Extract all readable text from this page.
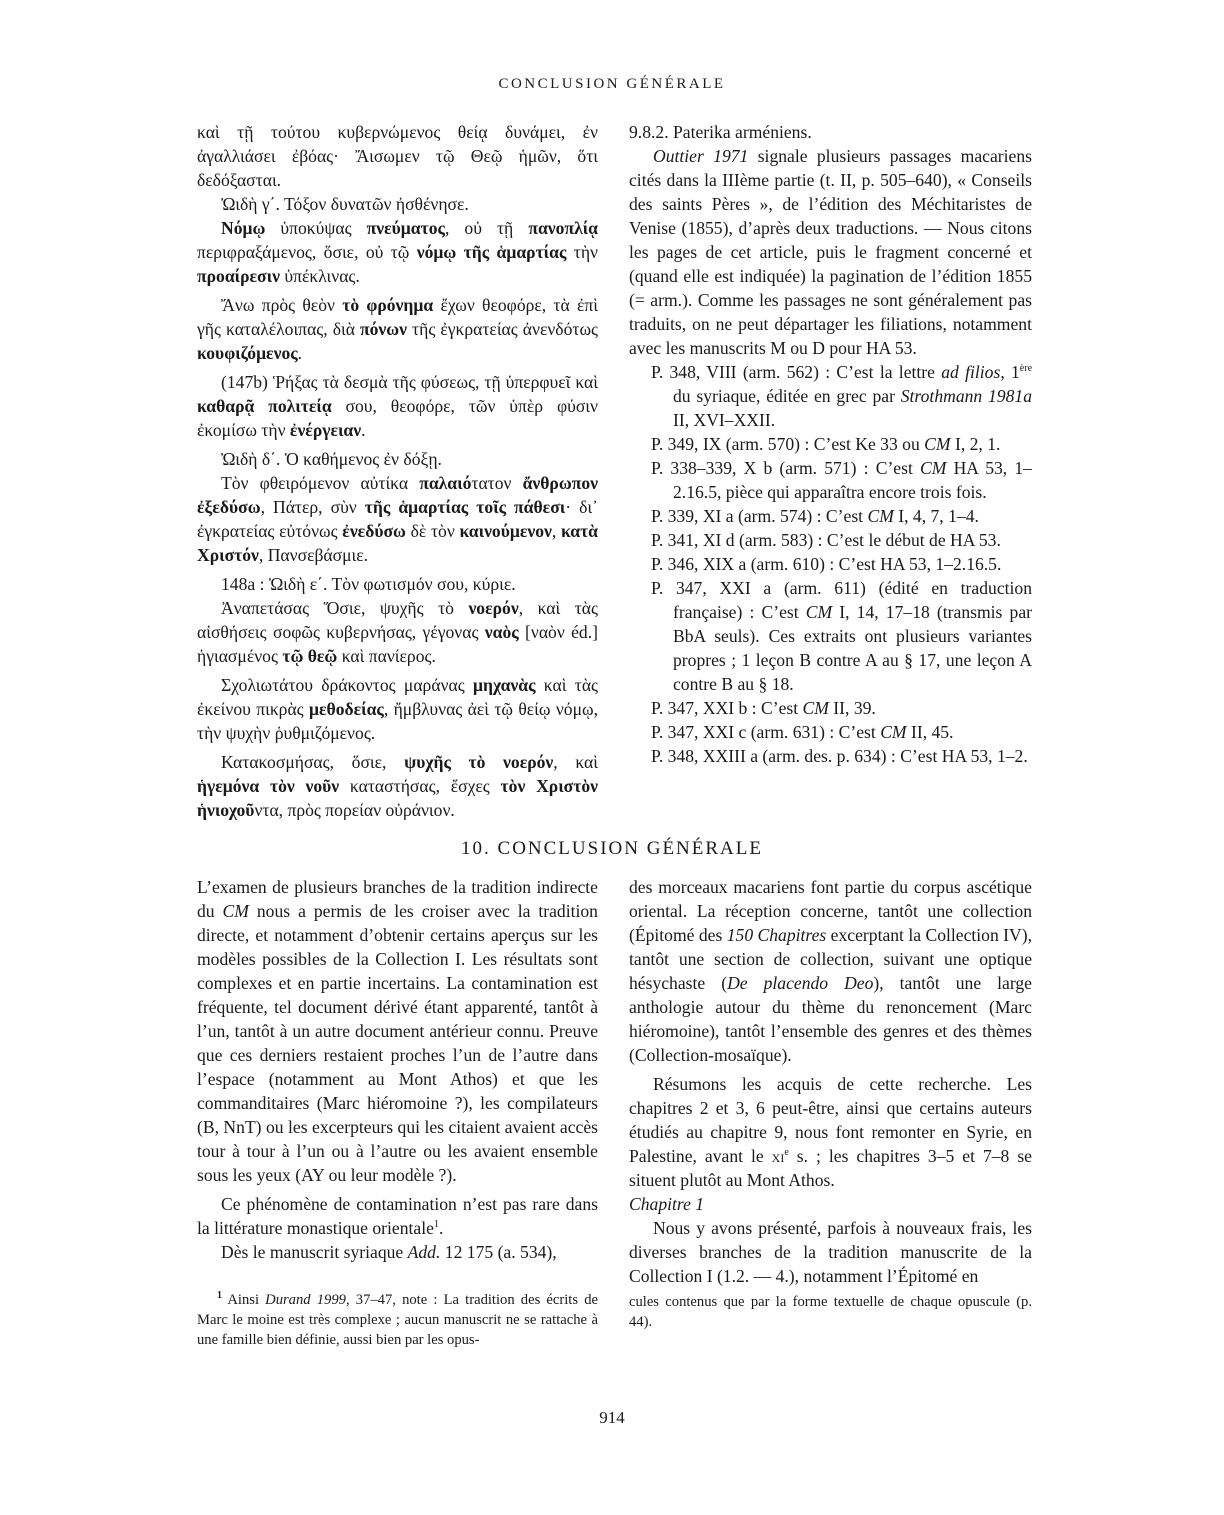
CONCLUSION GÉNÉRALE

καὶ τῇ τούτου κυβερνώμενος θείᾳ δυνάμει, ἐν ἀγαλλιάσει ἐβόας· Ἄισωμεν τῷ Θεῷ ἡμῶν, ὅτι δεδόξασται.

Ὠιδὴ γ΄. Τόξον δυνατῶν ἠσθένησε.

Νόμῳ ὑποκύψας πνεύματος, οὐ τῇ πανοπλίᾳ περιφραξάμενος, ὅσιε, οὐ τῷ νόμῳ τῆς ἁμαρτίας τὴν προαίρεσιν ὑπέκλινας.

Ἄνω πρὸς θεὸν τὸ φρόνημα ἔχων θεοφόρε, τὰ ἐπὶ γῆς καταλέλοιπας, διὰ πόνων τῆς ἐγκρατείας ἀνενδότως κουφιζόμενος.

(147b) Ῥήξας τὰ δεσμὰ τῆς φύσεως, τῇ ὑπερφυεῖ καὶ καθαρᾷ πολιτείᾳ σου, θεοφόρε, τῶν ὑπὲρ φύσιν ἐκομίσω τὴν ἐνέργειαν.

Ὠιδὴ δ΄. Ὁ καθήμενος ἐν δόξῃ.

Τὸν φθειρόμενον αὐτίκα παλαιότατον ἄνθρωπον ἐξεδύσω, Πάτερ, σὺν τῆς ἁμαρτίας τοῖς πάθεσι· δι᾽ ἐγκρατείας εὐτόνως ἐνεδύσω δὲ τὸν καινούμενον, κατὰ Χριστόν, Πανσεβάσμιε.

148a : Ὠιδὴ ε΄. Τὸν φωτισμόν σου, κύριε.

Ἀναπετάσας Ὅσιε, ψυχῆς τὸ νοερόν, καὶ τὰς αἰσθήσεις σοφῶς κυβερνήσας, γέγονας ναὸς [ναὸν éd.] ἡγιασμένος τῷ θεῷ καὶ πανίερος.

Σχολιωτάτου δράκοντος μαράνας μηχανὰς καὶ τὰς ἐκείνου πικρὰς μεθοδείας, ἤμβλυνας ἀεὶ τῷ θείῳ νόμῳ, τὴν ψυχὴν ῥυθμιζόμενος.

Κατακοσμήσας, ὅσιε, ψυχῆς τὸ νοερόν, καὶ ἡγεμόνα τὸν νοῦν καταστήσας, ἔσχες τὸν Χριστὸν ἡνιοχοῦντα, πρὸς πορείαν οὐράνιον.

9.8.2. Paterika arméniens.

Outtier 1971 signale plusieurs passages macariens cités dans la IIIème partie (t. II, p. 505–640), « Conseils des saints Pères », de l’édition des Méchitaristes de Venise (1855), d’après deux traductions. — Nous citons les pages de cet article, puis le fragment concerné et (quand elle est indiquée) la pagination de l’édition 1855 (= arm.). Comme les passages ne sont généralement pas traduits, on ne peut départager les filiations, notamment avec les manuscrits M ou D pour HA 53.

P. 348, VIII (arm. 562) : C’est la lettre ad filios, 1ère du syriaque, éditée en grec par Strothmann 1981a II, XVI–XXII.

P. 349, IX (arm. 570) : C’est Ke 33 ou CM I, 2, 1.

P. 338–339, X b (arm. 571) : C’est CM HA 53, 1–2.16.5, pièce qui apparaîtra encore trois fois.

P. 339, XI a (arm. 574) : C’est CM I, 4, 7, 1–4.

P. 341, XI d (arm. 583) : C’est le début de HA 53.

P. 346, XIX a (arm. 610) : C’est HA 53, 1–2.16.5.

P. 347, XXI a (arm. 611) (édité en traduction française) : C’est CM I, 14, 17–18 (transmis par BbA seuls). Ces extraits ont plusieurs variantes propres ; 1 leçon B contre A au § 17, une leçon A contre B au § 18.

P. 347, XXI b : C’est CM II, 39.

P. 347, XXI c (arm. 631) : C’est CM II, 45.

P. 348, XXIII a (arm. des. p. 634) : C’est HA 53, 1–2.

10. CONCLUSION GÉNÉRALE

L’examen de plusieurs branches de la tradition indirecte du CM nous a permis de les croiser avec la tradition directe, et notamment d’obtenir certains aperçus sur les modèles possibles de la Collection I. Les résultats sont complexes et en partie incertains. La contamination est fréquente, tel document dérivé étant apparenté, tantôt à l’un, tantôt à un autre document antérieur connu. Preuve que ces derniers restaient proches l’un de l’autre dans l’espace (notamment au Mont Athos) et que les commanditaires (Marc hiéromoine ?), les compilateurs (B, NnT) ou les excerpteurs qui les citaient avaient accès tour à tour à l’un ou à l’autre ou les avaient ensemble sous les yeux (AY ou leur modèle ?).

Ce phénomène de contamination n’est pas rare dans la littérature monastique orientale$^1$.

Dès le manuscrit syriaque Add. 12 175 (a. 534),

des morceaux macariens font partie du corpus ascétique oriental. La réception concerne, tantôt une collection (Épitomé des 150 Chapitres excerptant la Collection IV), tantôt une section de collection, suivant une optique hésychaste (De placendo Deo), tantôt une large anthologie autour du thème du renoncement (Marc hiéromoine), tantôt l’ensemble des genres et des thèmes (Collection-mosaïque).

Résumons les acquis de cette recherche. Les chapitres 2 et 3, 6 peut-être, ainsi que certains auteurs étudiés au chapitre 9, nous font remonter en Syrie, en Palestine, avant le $xi^e$ s. ; les chapitres 3–5 et 7–8 se situent plutôt au Mont Athos.

Chapitre 1

Nous y avons présenté, parfois à nouveaux frais, les diverses branches de la tradition manuscrite de la Collection I (1.2. — 4.), notamment l’Épitomé en

$^1$ Ainsi Durand 1999, 37–47, note : La tradition des écrits de Marc le moine est très complexe ; aucun manuscrit ne se rattache à une famille bien définie, aussi bien par les opus-

cules contenus que par la forme textuelle de chaque opuscule (p. 44).

914
